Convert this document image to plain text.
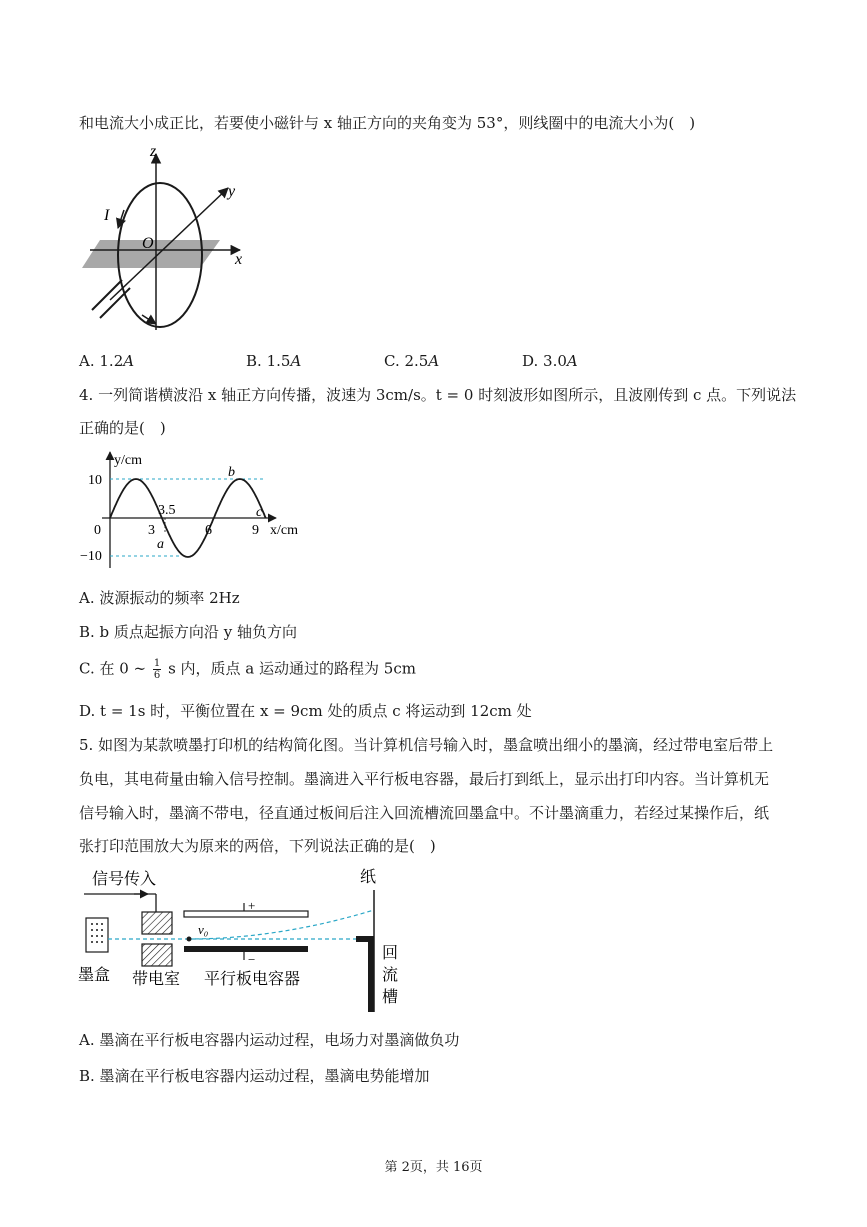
和电流大小成正比，若要使小磁针与 x 轴正方向的夹角变为 53°，则线圈中的电流大小为(　)
z
y
x
O
I
A. 1.2A	B. 1.5A	C. 2.5A	D. 3.0A
4. 一列简谐横波沿 x 轴正方向传播，波速为 3cm/s。t = 0 时刻波形如图所示，且波刚传到 c 点。下列说法
正确的是(　)
y/cm
x/cm
10
−10
0	3	6	9
3.5
a
b
c
A. 波源振动的频率 2Hz
B. b 质点起振方向沿 y 轴负方向
C. 在 0 ∼ $\frac{1}{6}$ s 内，质点 a 运动通过的路程为 5cm
D. t = 1s 时，平衡位置在 x = 9cm 处的质点 c 将运动到 12cm 处
5. 如图为某款喷墨打印机的结构简化图。当计算机信号输入时，墨盒喷出细小的墨滴，经过带电室后带上
负电，其电荷量由输入信号控制。墨滴进入平行板电容器，最后打到纸上，显示出打印内容。当计算机无
信号输入时，墨滴不带电，径直通过板间后注入回流槽流回墨盒中。不计墨滴重力，若经过某操作后，纸
张打印范围放大为原来的两倍，下列说法正确的是(　)
信号传入
+
−
v₀
纸
回
流
槽
墨盒 带电室 平行板电容器
A. 墨滴在平行板电容器内运动过程，电场力对墨滴做负功
B. 墨滴在平行板电容器内运动过程，墨滴电势能增加
第 2页，共 16页
